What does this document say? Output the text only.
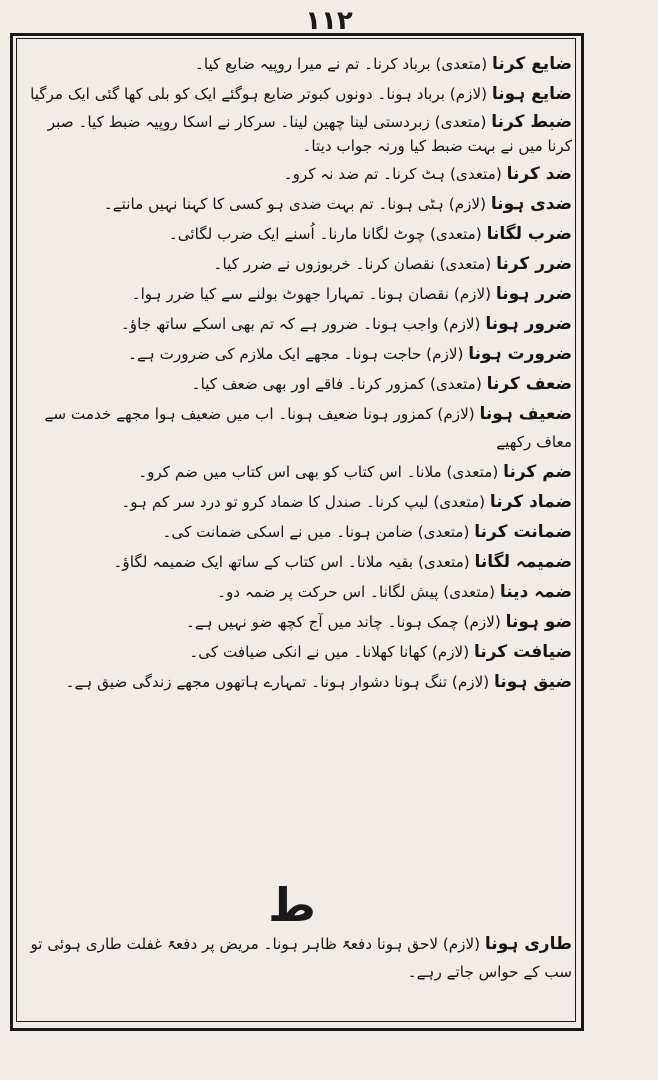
۱۱۲

ضایع کرنا (متعدی) برباد کرنا۔ تم نے میرا روپیہ ضایع کیا۔

ضایع ہونا (لازم) برباد ہونا۔ دونوں کبوتر ضایع ہوگئے ایک کو بلی کھا گئی ایک مرگیا

ضبط کرنا (متعدی) زبردستی لینا چھین لینا۔ سرکار نے اسکا روپیہ ضبط کیا۔ صبر کرنا میں نے بہت ضبط کیا ورنہ جواب دیتا۔

ضد کرنا (متعدی) ہٹ کرنا۔ تم ضد نہ کرو۔

ضدی ہونا (لازم) ہٹی ہونا۔ تم بہت ضدی ہو کسی کا کہنا نہیں مانتے۔

ضرب لگانا (متعدی) چوٹ لگانا مارنا۔ اُسنے ایک ضرب لگائی۔

ضرر کرنا (متعدی) نقصان کرنا۔ خربوزوں نے ضرر کیا۔

ضرر ہونا (لازم) نقصان ہونا۔ تمہارا جھوٹ بولنے سے کیا ضرر ہوا۔

ضرور ہونا (لازم) واجب ہونا۔ ضرور ہے کہ تم بھی اسکے ساتھ جاؤ۔

ضرورت ہونا (لازم) حاجت ہونا۔ مجھے ایک ملازم کی ضرورت ہے۔

ضعف کرنا (متعدی) کمزور کرنا۔ فاقے اور بھی ضعف کیا۔

ضعیف ہونا (لازم) کمزور ہونا ضعیف ہونا۔ اب میں ضعیف ہوا مجھے خدمت سے معاف رکھیے

ضم کرنا (متعدی) ملانا۔ اس کتاب کو بھی اس کتاب میں ضم کرو۔

ضماد کرنا (متعدی) لیپ کرنا۔ صندل کا ضماد کرو تو درد سر کم ہو۔

ضمانت کرنا (متعدی) ضامن ہونا۔ میں نے اسکی ضمانت کی۔

ضمیمہ لگانا (متعدی) بقیہ ملانا۔ اس کتاب کے ساتھ ایک ضمیمہ لگاؤ۔

ضمہ دینا (متعدی) پیش لگانا۔ اس حرکت پر ضمہ دو۔

ضو ہونا (لازم) چمک ہونا۔ چاند میں آج کچھ ضو نہیں ہے۔

ضیافت کرنا (لازم) کھانا کھلانا۔ میں نے انکی ضیافت کی۔

ضیق ہونا (لازم) تنگ ہونا دشوار ہونا۔ تمہارے ہاتھوں مجھے زندگی ضیق ہے۔

ط

طاری ہونا (لازم) لاحق ہونا دفعۃً ظاہر ہونا۔ مریض پر دفعۃً غفلت طاری ہوئی تو سب کے حواس جاتے رہے۔
